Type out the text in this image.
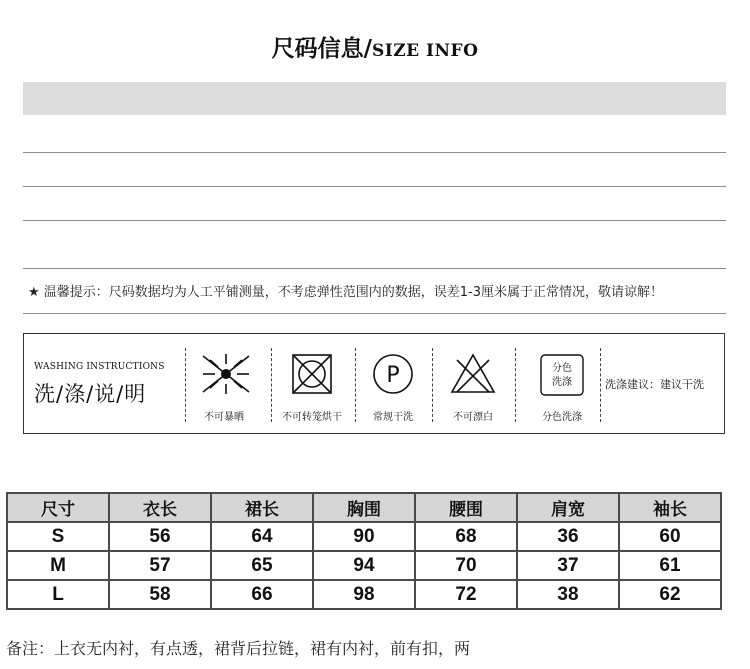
尺码信息/SIZE INFO
★ 温馨提示：尺码数据均为人工平铺测量，不考虑弹性范围内的数据，误差1-3厘米属于正常情况，敬请谅解！
WASHING INSTRUCTIONS
洗/涤/说/明
不可暴晒	不可转笼烘干
P
常规干洗	不可漂白
分色
洗涤
分色洗涤
洗涤建议：建议干洗
尺寸	衣长	裙长	胸围	腰围	肩宽	袖长
S	56	64	90	68	36	60
M	57	65	94	70	37	61
L	58	66	98	72	38	62
备注：上衣无内衬，有点透，裙背后拉链，裙有内衬，前有扣，两
